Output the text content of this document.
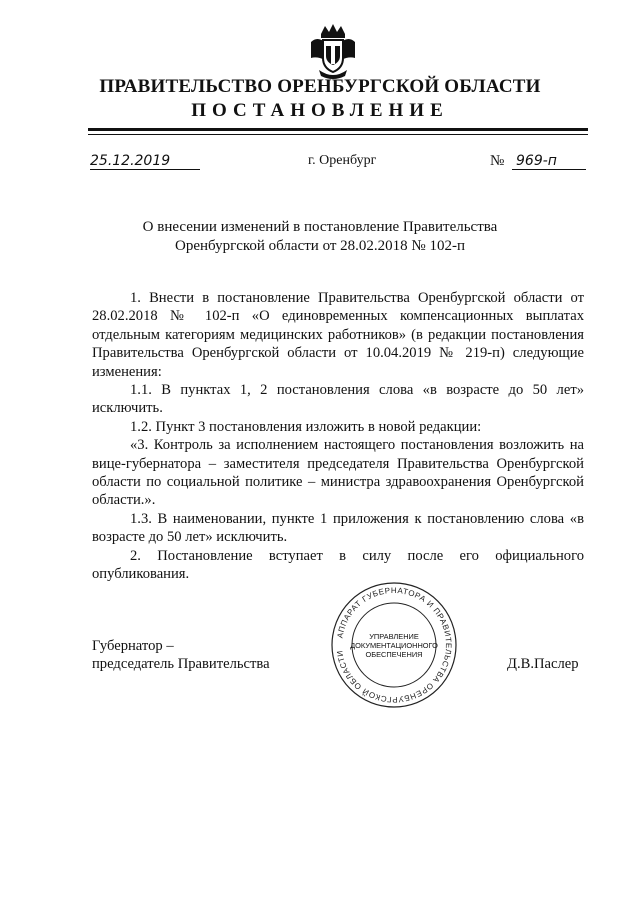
ПРАВИТЕЛЬСТВО ОРЕНБУРГСКОЙ ОБЛАСТИ
ПОСТАНОВЛЕНИЕ
25.12.2019	г. Оренбург	№ 969-п
О внесении изменений в постановление Правительства
Оренбургской области от 28.02.2018 № 102-п

1. Внести в постановление Правительства Оренбургской области от 28.02.2018 № 102-п «О единовременных компенсационных выплатах отдельным категориям медицинских работников» (в редакции постановления Правительства Оренбургской области от 10.04.2019 № 219-п) следующие изменения:

1.1. В пунктах 1, 2 постановления слова «в возрасте до 50 лет» исключить.

1.2. Пункт 3 постановления изложить в новой редакции:

«3. Контроль за исполнением настоящего постановления возложить на вице-губернатора – заместителя председателя Правительства Оренбургской области по социальной политике – министра здравоохранения Оренбургской области.».

1.3. В наименовании, пункте 1 приложения к постановлению слова «в возрасте до 50 лет» исключить.

2. Постановление вступает в силу после его официального опубликования.

Губернатор –
председатель Правительства	Д.В.Паслер
АППАРАТ ГУБЕРНАТОРА И ПРАВИТЕЛЬСТВА ОРЕНБУРГСКОЙ ОБЛАСТИ
УПРАВЛЕНИЕ
ДОКУМЕНТАЦИОННОГО
ОБЕСПЕЧЕНИЯ
